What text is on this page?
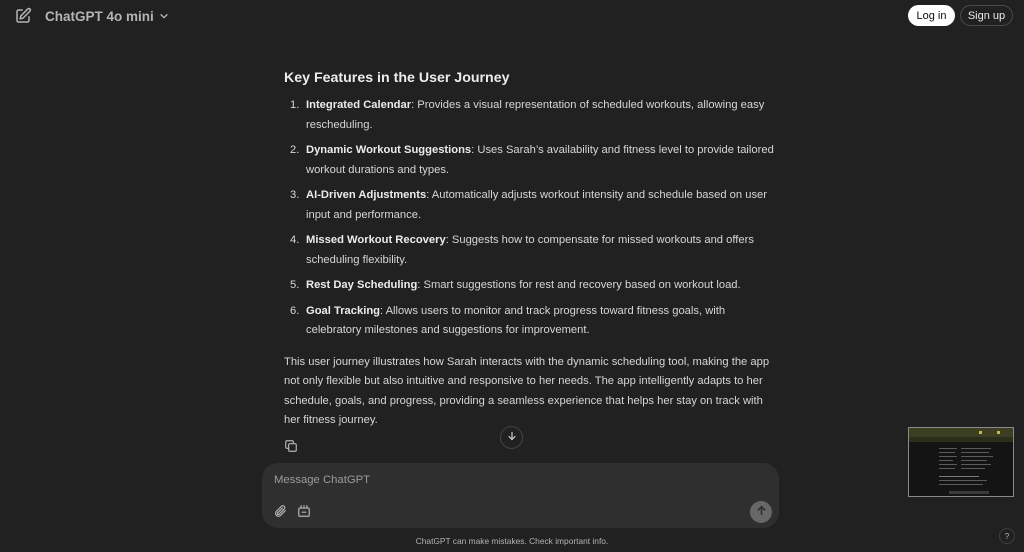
ChatGPT 4o mini	Log in	Sign up
Key Features in the User Journey
1. Integrated Calendar: Provides a visual representation of scheduled workouts, allowing easy rescheduling.
2. Dynamic Workout Suggestions: Uses Sarah’s availability and fitness level to provide tailored workout durations and types.
3. AI-Driven Adjustments: Automatically adjusts workout intensity and schedule based on user input and performance.
4. Missed Workout Recovery: Suggests how to compensate for missed workouts and offers scheduling flexibility.
5. Rest Day Scheduling: Smart suggestions for rest and recovery based on workout load.
6. Goal Tracking: Allows users to monitor and track progress toward fitness goals, with celebratory milestones and suggestions for improvement.

This user journey illustrates how Sarah interacts with the dynamic scheduling tool, making the app not only flexible but also intuitive and responsive to her needs. The app intelligently adapts to her schedule, goals, and progress, providing a seamless experience that helps her stay on track with her fitness journey.

Message ChatGPT
ChatGPT can make mistakes. Check important info.	?
